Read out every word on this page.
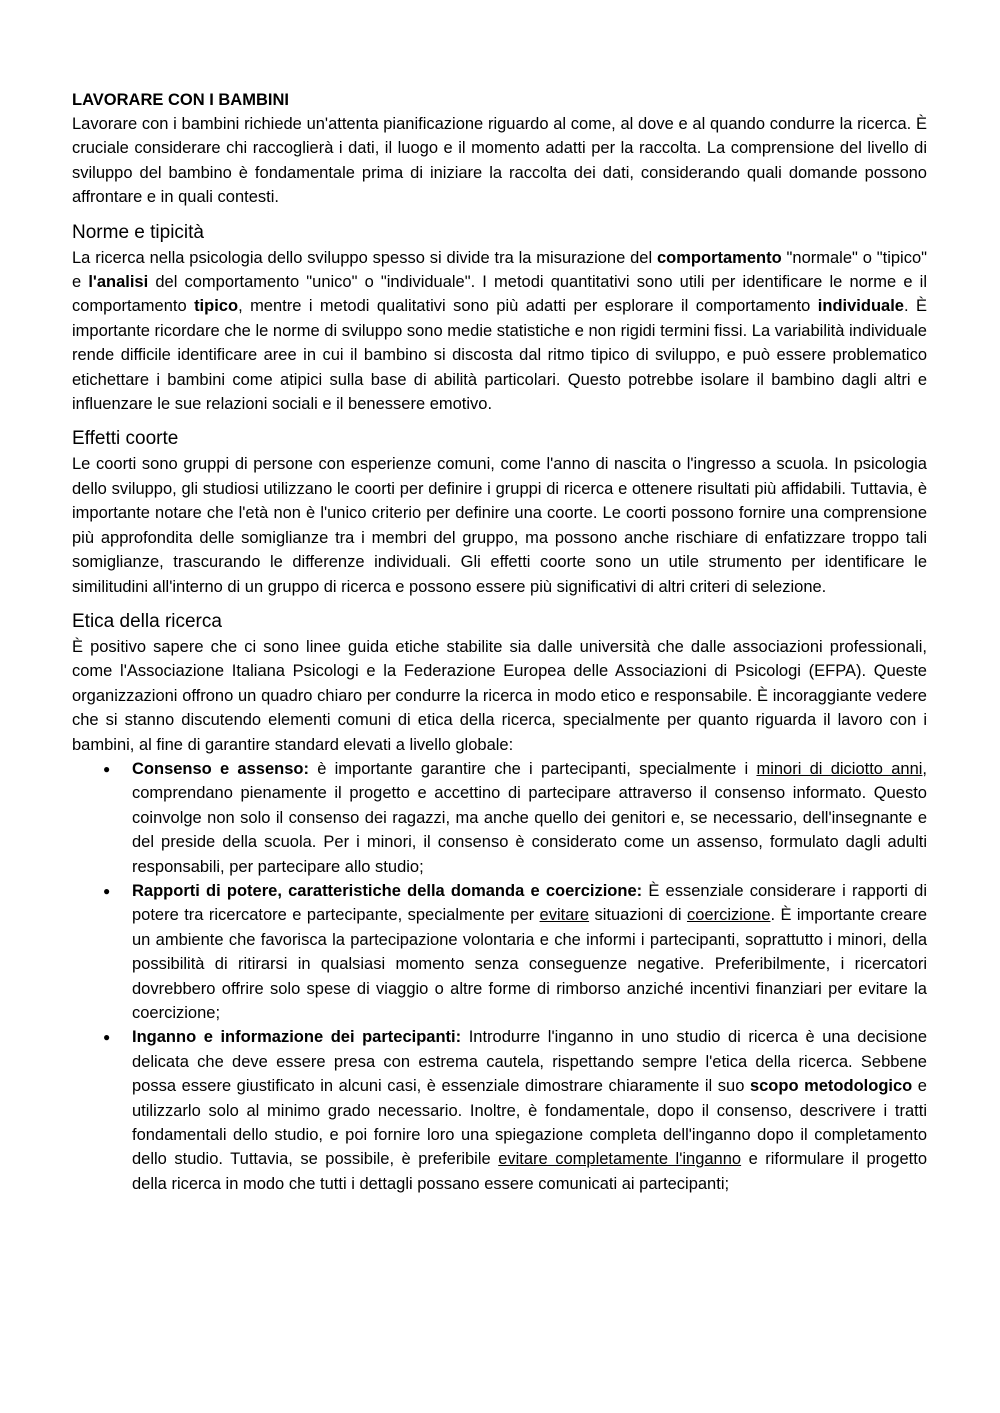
LAVORARE CON I BAMBINI

Lavorare con i bambini richiede un'attenta pianificazione riguardo al come, al dove e al quando condurre la ricerca. È cruciale considerare chi raccoglierà i dati, il luogo e il momento adatti per la raccolta. La comprensione del livello di sviluppo del bambino è fondamentale prima di iniziare la raccolta dei dati, considerando quali domande possono affrontare e in quali contesti.

Norme e tipicità

La ricerca nella psicologia dello sviluppo spesso si divide tra la misurazione del comportamento "normale" o "tipico" e l'analisi del comportamento "unico" o "individuale". I metodi quantitativi sono utili per identificare le norme e il comportamento tipico, mentre i metodi qualitativi sono più adatti per esplorare il comportamento individuale. È importante ricordare che le norme di sviluppo sono medie statistiche e non rigidi termini fissi. La variabilità individuale rende difficile identificare aree in cui il bambino si discosta dal ritmo tipico di sviluppo, e può essere problematico etichettare i bambini come atipici sulla base di abilità particolari. Questo potrebbe isolare il bambino dagli altri e influenzare le sue relazioni sociali e il benessere emotivo.

Effetti coorte

Le coorti sono gruppi di persone con esperienze comuni, come l'anno di nascita o l'ingresso a scuola. In psicologia dello sviluppo, gli studiosi utilizzano le coorti per definire i gruppi di ricerca e ottenere risultati più affidabili. Tuttavia, è importante notare che l'età non è l'unico criterio per definire una coorte. Le coorti possono fornire una comprensione più approfondita delle somiglianze tra i membri del gruppo, ma possono anche rischiare di enfatizzare troppo tali somiglianze, trascurando le differenze individuali. Gli effetti coorte sono un utile strumento per identificare le similitudini all'interno di un gruppo di ricerca e possono essere più significativi di altri criteri di selezione.

Etica della ricerca

È positivo sapere che ci sono linee guida etiche stabilite sia dalle università che dalle associazioni professionali, come l'Associazione Italiana Psicologi e la Federazione Europea delle Associazioni di Psicologi (EFPA). Queste organizzazioni offrono un quadro chiaro per condurre la ricerca in modo etico e responsabile. È incoraggiante vedere che si stanno discutendo elementi comuni di etica della ricerca, specialmente per quanto riguarda il lavoro con i bambini, al fine di garantire standard elevati a livello globale:

● Consenso e assenso: è importante garantire che i partecipanti, specialmente i minori di diciotto anni, comprendano pienamente il progetto e accettino di partecipare attraverso il consenso informato. Questo coinvolge non solo il consenso dei ragazzi, ma anche quello dei genitori e, se necessario, dell'insegnante e del preside della scuola. Per i minori, il consenso è considerato come un assenso, formulato dagli adulti responsabili, per partecipare allo studio;
● Rapporti di potere, caratteristiche della domanda e coercizione: È essenziale considerare i rapporti di potere tra ricercatore e partecipante, specialmente per evitare situazioni di coercizione. È importante creare un ambiente che favorisca la partecipazione volontaria e che informi i partecipanti, soprattutto i minori, della possibilità di ritirarsi in qualsiasi momento senza conseguenze negative. Preferibilmente, i ricercatori dovrebbero offrire solo spese di viaggio o altre forme di rimborso anziché incentivi finanziari per evitare la coercizione;
● Inganno e informazione dei partecipanti: Introdurre l'inganno in uno studio di ricerca è una decisione delicata che deve essere presa con estrema cautela, rispettando sempre l'etica della ricerca. Sebbene possa essere giustificato in alcuni casi, è essenziale dimostrare chiaramente il suo scopo metodologico e utilizzarlo solo al minimo grado necessario. Inoltre, è fondamentale, dopo il consenso, descrivere i tratti fondamentali dello studio, e poi fornire loro una spiegazione completa dell'inganno dopo il completamento dello studio. Tuttavia, se possibile, è preferibile evitare completamente l'inganno e riformulare il progetto della ricerca in modo che tutti i dettagli possano essere comunicati ai partecipanti;
